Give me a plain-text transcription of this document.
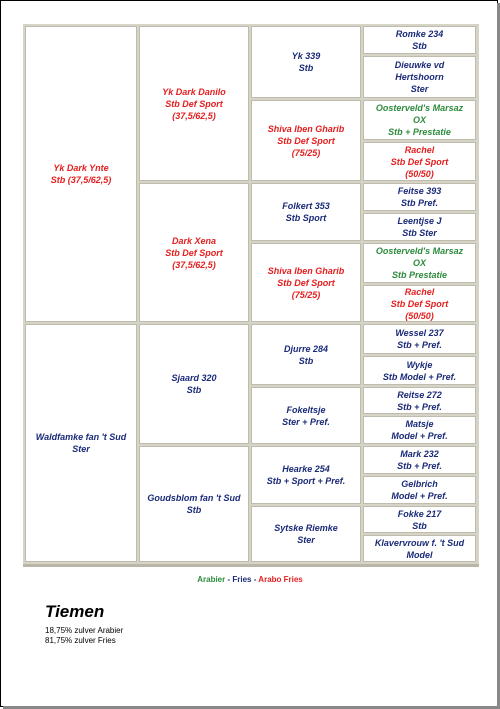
Yk Dark Ynte
Stb (37,5/62,5)
Waldfamke fan 't Sud
Ster
Yk Dark Danilo
Stb Def Sport
(37,5/62,5)
Dark Xena
Stb Def Sport
(37,5/62,5)
Sjaard 320
Stb
Goudsblom fan 't Sud
Stb
Yk 339
Stb
Shiva Iben Gharib
Stb Def Sport
(75/25)
Folkert 353
Stb Sport
Shiva Iben Gharib
Stb Def Sport
(75/25)
Djurre 284
Stb
Fokeltsje
Ster + Pref.
Hearke 254
Stb + Sport + Pref.
Sytske Riemke
Ster
Romke 234
Stb
Dieuwke vd
Hertshoorn
Ster
Oosterveld's Marsaz
OX
Stb + Prestatie
Rachel
Stb Def Sport
(50/50)
Feitse 393
Stb Pref.
Leentjse J
Stb Ster
Oosterveld's Marsaz
OX
Stb Prestatie
Rachel
Stb Def Sport
(50/50)
Wessel 237
Stb + Pref.
Wykje
Stb Model + Pref.
Reitse 272
Stb + Pref.
Matsje
Model + Pref.
Mark 232
Stb + Pref.
Gelbrich
Model + Pref.
Fokke 217
Stb
Klavervrouw f. 't Sud
Model
Arabier - Fries - Arabo Fries
Tiemen
18,75% zulver Arabier
81,75% zulver Fries
